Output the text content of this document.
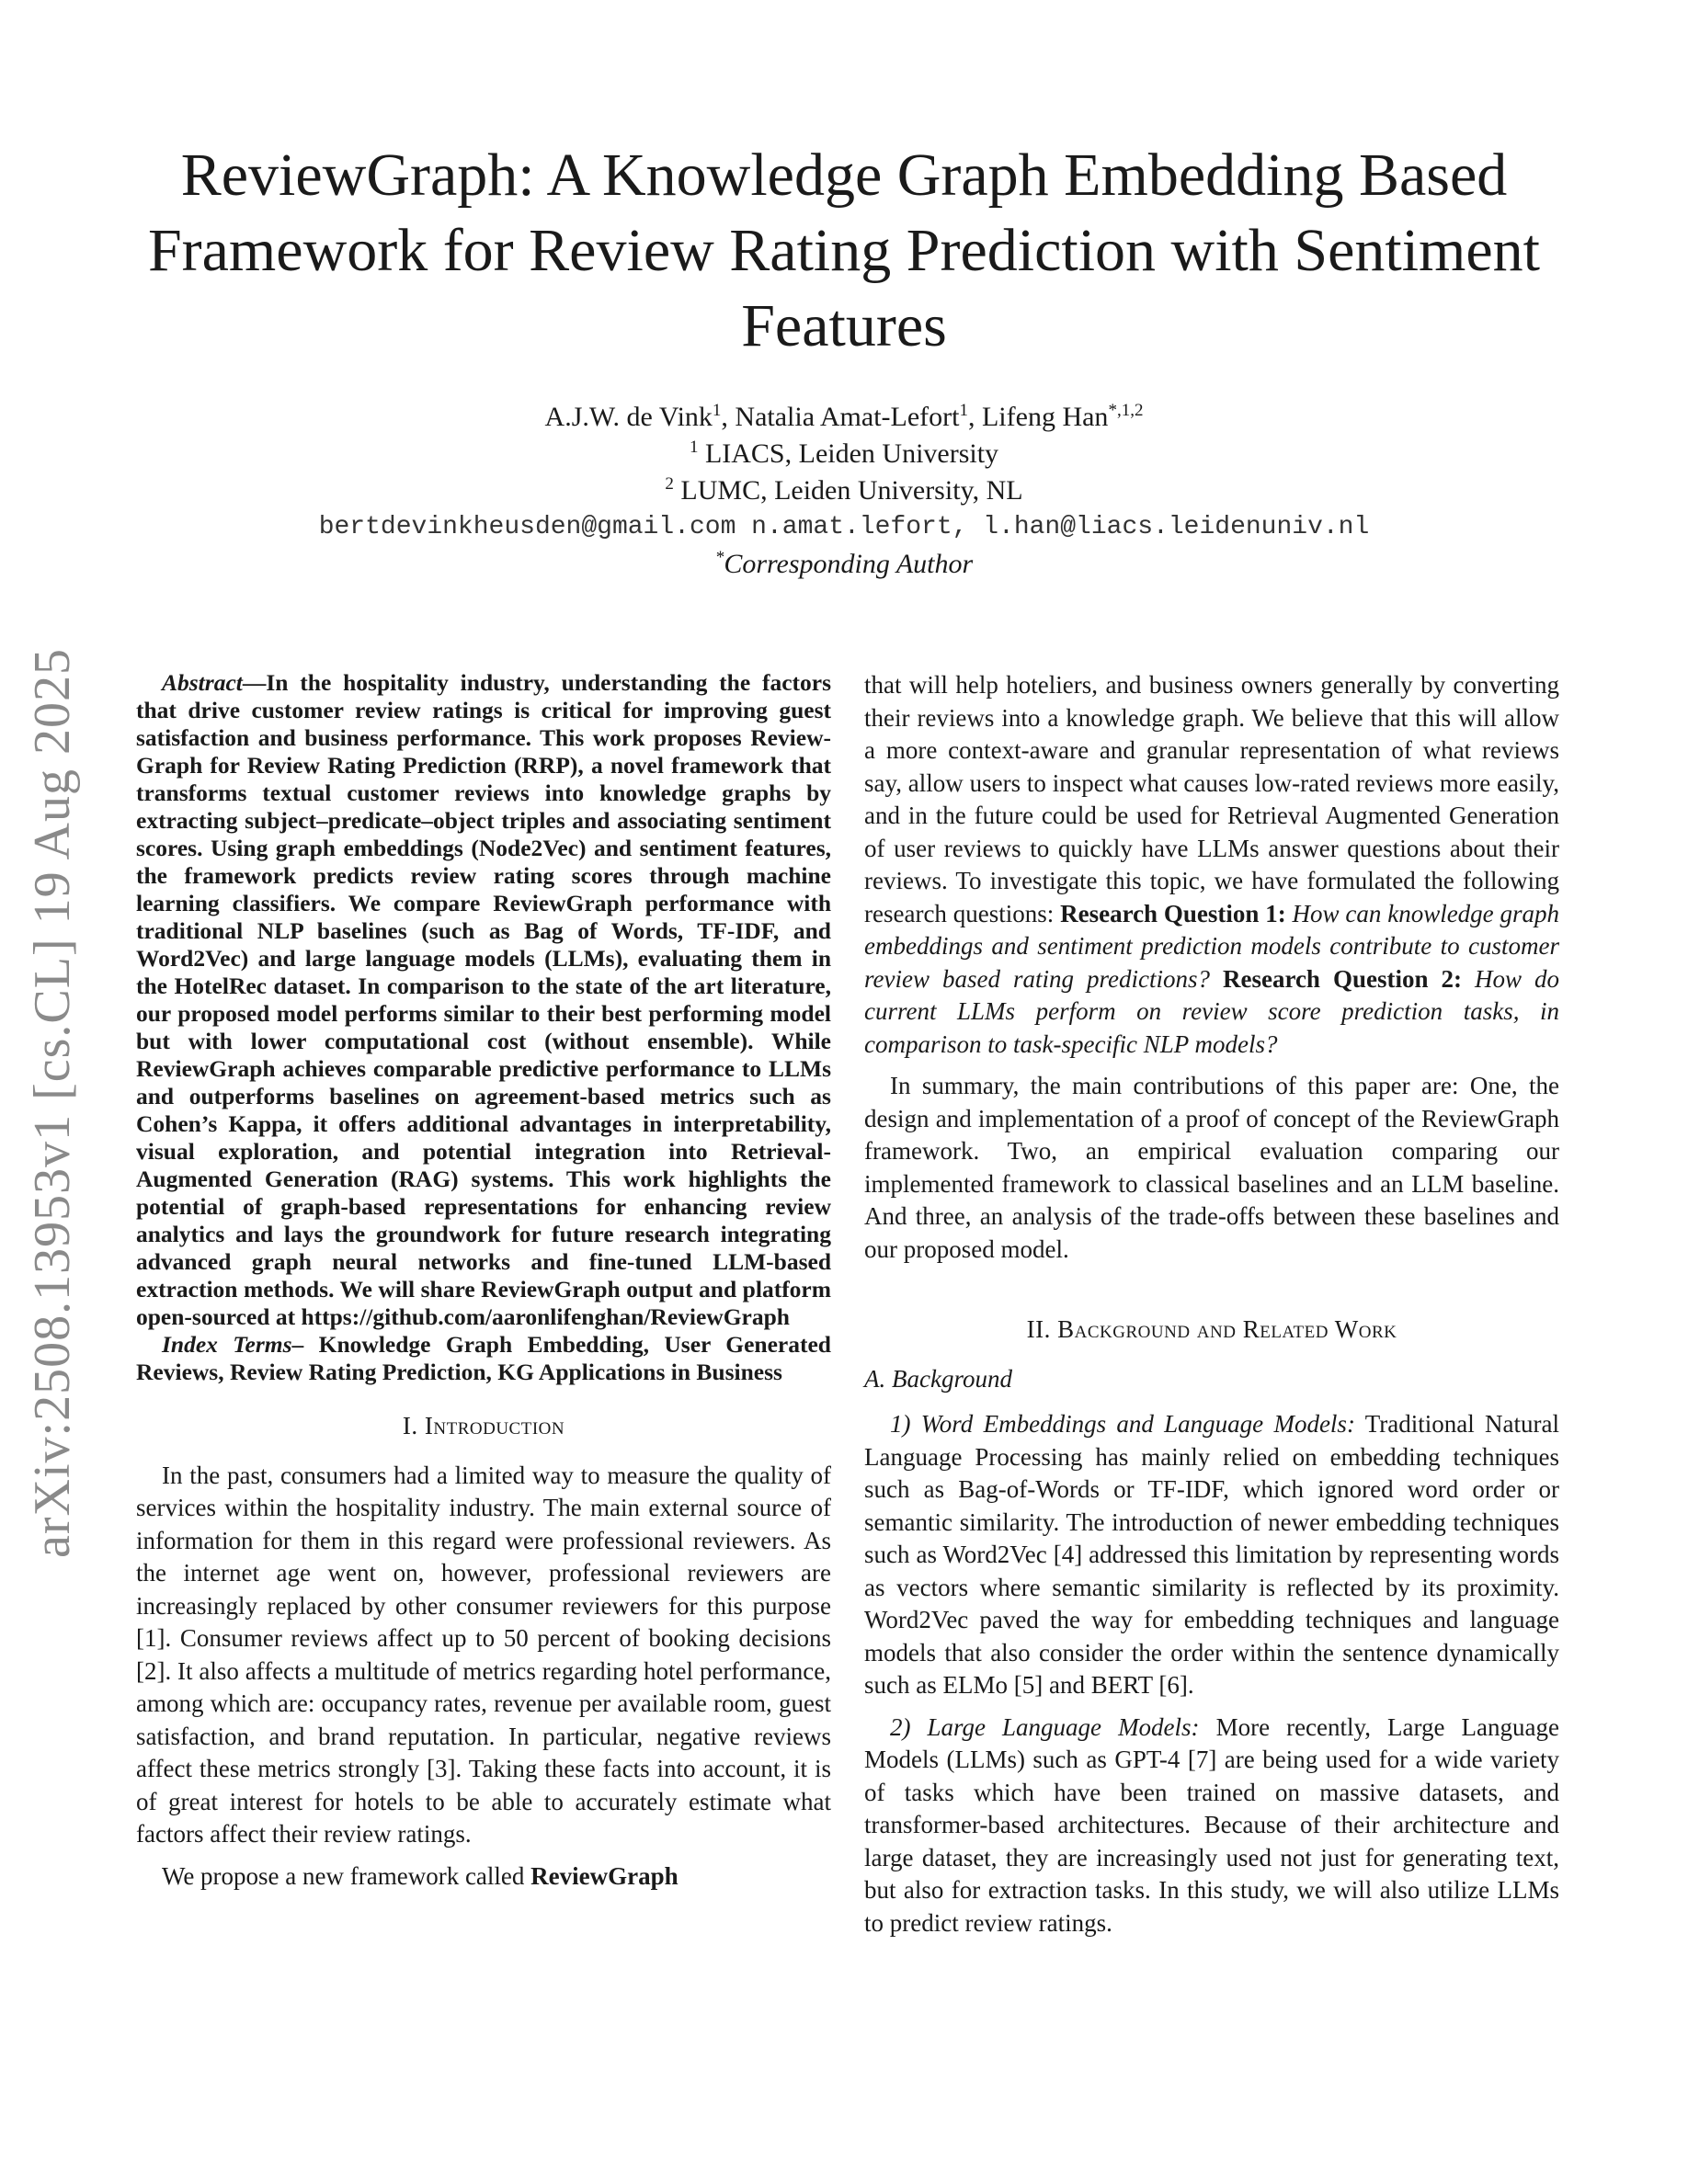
arXiv:2508.13953v1 [cs.CL] 19 Aug 2025
ReviewGraph: A Knowledge Graph Embedding Based Framework for Review Rating Prediction with Sentiment Features
A.J.W. de Vink$^1$, Natalia Amat-Lefort$^1$, Lifeng Han$^{*,1,2}$
$^1$ LIACS, Leiden University
$^2$ LUMC, Leiden University, NL
bertdevinkheusden@gmail.com n.amat.lefort, l.han@liacs.leidenuniv.nl
*Corresponding Author

Abstract—In the hospitality industry, understanding the factors that drive customer review ratings is critical for improving guest satisfaction and business performance. This work proposes Review-Graph for Review Rating Prediction (RRP), a novel framework that transforms textual customer reviews into knowledge graphs by extracting subject–predicate–object triples and associating sentiment scores. Using graph embeddings (Node2Vec) and sentiment features, the framework predicts review rating scores through machine learning classifiers. We compare ReviewGraph performance with traditional NLP baselines (such as Bag of Words, TF-IDF, and Word2Vec) and large language models (LLMs), evaluating them in the HotelRec dataset. In comparison to the state of the art literature, our proposed model performs similar to their best performing model but with lower computational cost (without ensemble). While ReviewGraph achieves comparable predictive performance to LLMs and outperforms baselines on agreement-based metrics such as Cohen’s Kappa, it offers additional advantages in interpretability, visual exploration, and potential integration into Retrieval-Augmented Generation (RAG) systems. This work highlights the potential of graph-based representations for enhancing review analytics and lays the groundwork for future research integrating advanced graph neural networks and fine-tuned LLM-based extraction methods. We will share ReviewGraph output and platform open-sourced at https://github.com/aaronlifenghan/ReviewGraph

Index Terms– Knowledge Graph Embedding, User Generated Reviews, Review Rating Prediction, KG Applications in Business

I. Introduction

In the past, consumers had a limited way to measure the quality of services within the hospitality industry. The main external source of information for them in this regard were professional reviewers. As the internet age went on, however, professional reviewers are increasingly replaced by other consumer reviewers for this purpose [1]. Consumer reviews affect up to 50 percent of booking decisions [2]. It also affects a multitude of metrics regarding hotel performance, among which are: occupancy rates, revenue per available room, guest satisfaction, and brand reputation. In particular, negative reviews affect these metrics strongly [3]. Taking these facts into account, it is of great interest for hotels to be able to accurately estimate what factors affect their review ratings.

We propose a new framework called ReviewGraph

that will help hoteliers, and business owners generally by converting their reviews into a knowledge graph. We believe that this will allow a more context-aware and granular representation of what reviews say, allow users to inspect what causes low-rated reviews more easily, and in the future could be used for Retrieval Augmented Generation of user reviews to quickly have LLMs answer questions about their reviews. To investigate this topic, we have formulated the following research questions: Research Question 1: How can knowledge graph embeddings and sentiment prediction models contribute to customer review based rating predictions? Research Question 2: How do current LLMs perform on review score prediction tasks, in comparison to task-specific NLP models?

In summary, the main contributions of this paper are: One, the design and implementation of a proof of concept of the ReviewGraph framework. Two, an empirical evaluation comparing our implemented framework to classical baselines and an LLM baseline. And three, an analysis of the trade-offs between these baselines and our proposed model.

II. Background and Related Work
A. Background

1) Word Embeddings and Language Models: Traditional Natural Language Processing has mainly relied on embedding techniques such as Bag-of-Words or TF-IDF, which ignored word order or semantic similarity. The introduction of newer embedding techniques such as Word2Vec [4] addressed this limitation by representing words as vectors where semantic similarity is reflected by its proximity. Word2Vec paved the way for embedding techniques and language models that also consider the order within the sentence dynamically such as ELMo [5] and BERT [6].

2) Large Language Models: More recently, Large Language Models (LLMs) such as GPT-4 [7] are being used for a wide variety of tasks which have been trained on massive datasets, and transformer-based architectures. Because of their architecture and large dataset, they are increasingly used not just for generating text, but also for extraction tasks. In this study, we will also utilize LLMs to predict review ratings.
